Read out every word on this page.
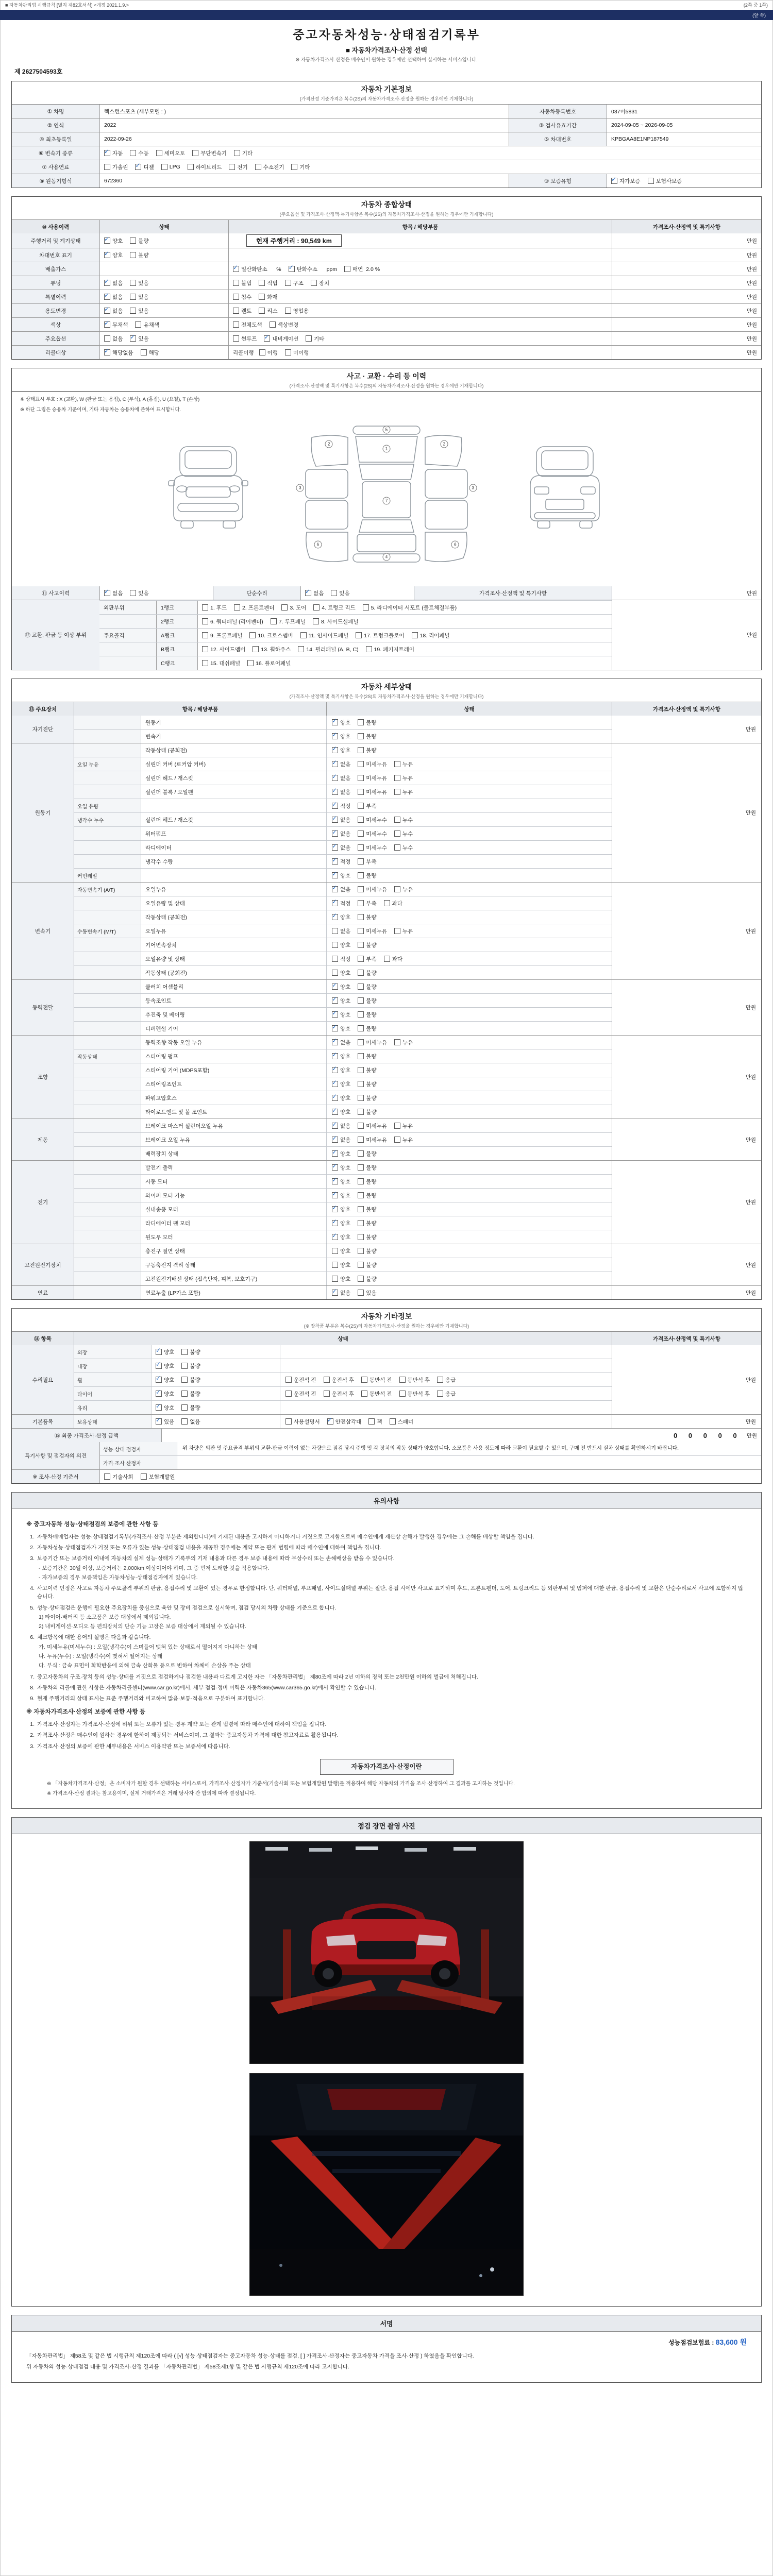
■ 자동차관리법 시행규칙 [별지 제82호서식] <개정 2021.1.9.>	(2쪽 중 1쪽)
(앞 쪽)
중고자동차성능·상태점검기록부
■ 자동차가격조사·산정 선택
※ 자동차가격조사·산정은 매수인이 원하는 경우에만 선택하여 실시하는 서비스입니다.
제 2627504593호
자동차 기본정보
(가격산정 기준가격은 복수(2S)의 자동차가격조사·산정을 원하는 경우에만 기재합니다)
① 차명	렉스턴스포츠 (세부모델 : )	자동차등록번호	037머5831
② 연식	2022	③ 검사유효기간	2024-09-05 ~ 2026-09-05
④ 최초등록일	2022-09-26	⑤ 차대번호	KPBGAA8E1NP187549
⑥ 변속기 종류 ✓	자동	수동	세미오토	무단변속기	기타
⑦ 사용연료	가솔린 ✓	디젤	LPG	하이브리드	전기	수소전기	기타
⑧ 원동기형식	672360	⑨ 보증유형 ✓	자가보증	보험사보증
자동차 종합상태
(주요옵션 및 가격조사·산정액·특기사항은 복수(2S)의 자동차가격조사·산정을 원하는 경우에만 기재합니다)
⑩ 사용이력	상태	항목 / 해당부품	가격조사·산정액 및 특기사항
주행거리 및 계기상태 ✓	양호	불량	현재 주행거리 : 90,549 km	만원
차대번호 표기 ✓	양호	불량	만원
배출가스 ✓	일산화탄소      % ✓	탄화수소      ppm	매연  2.0 %	만원
튜닝 ✓	없음	있음	불법	적법	구조	장치	만원
특별이력 ✓	없음	있음	침수	화재	만원
용도변경 ✓	없음	있음	렌트	리스	영업용	만원
색상 ✓	무채색	유채색	전체도색	색상변경	만원
주요옵션	없음 ✓	있음	썬루프 ✓	내비게이션	기타	만원
리콜대상 ✓	해당없음	해당	리콜이행 이행	미이행	만원
사고 · 교환 · 수리 등 이력
(가격조사·산정액 및 특기사항은 복수(2S)의 자동차가격조사·산정을 원하는 경우에만 기재합니다)
※ 상태표시 부호 : X (교환), W (판금 또는 용접), C (부식), A (흠집), U (요철), T (손상)
※ 하단 그림은 승용차 기준이며, 기타 자동차는 승용차에 준하여 표시합니다.
5
1
2	2
3	3
7
6	6
4
⑪ 사고이력 ✓	없음	있음	단순수리 ✓	없음	있음	가격조사·산정액 및 특기사항	만원
⑫ 교환, 판금 등 이상 부위
외판부위	1랭크	1. 후드	2. 프론트펜더	3. 도어	4. 트렁크 리드	5. 라디에이터 서포트 (볼트체결부품)
2랭크	6. 쿼터패널 (리어펜더)	7. 루프패널	8. 사이드실패널
주요골격	A랭크	9. 프론트패널	10. 크로스멤버	11. 인사이드패널	17. 트렁크플로어	18. 리어패널
B랭크	12. 사이드멤버	13. 휠하우스	14. 필러패널 (A, B, C)	19. 패키지트레이
C랭크	15. 대쉬패널	16. 플로어패널
만원
자동차 세부상태
(가격조사·산정액 및 특기사항은 복수(2S)의 자동차가격조사·산정을 원하는 경우에만 기재합니다)
⑬ 주요장치	항목 / 해당부품	상태	가격조사·산정액 및 특기사항
자기진단
원동기 ✓	양호	불량
변속기 ✓	양호	불량
만원
원동기
작동상태 (공회전) ✓	양호	불량
오일 누유	실린더 커버 (로커암 커버) ✓	없음	미세누유	누유
실린더 헤드 / 개스킷 ✓	없음	미세누유	누유
실린더 블록 / 오일팬 ✓	없음	미세누유	누유
오일 유량 ✓	적정	부족
냉각수 누수	실린더 헤드 / 개스킷 ✓	없음	미세누수	누수
워터펌프 ✓	없음	미세누수	누수
라디에이터 ✓	없음	미세누수	누수
냉각수 수량 ✓	적정	부족
커먼레일 ✓	양호	불량
만원
변속기
자동변속기 (A/T)	오일누유 ✓	없음	미세누유	누유
오일유량 및 상태 ✓	적정	부족	과다
작동상태 (공회전) ✓	양호	불량
수동변속기 (M/T)	오일누유	없음	미세누유	누유
기어변속장치	양호	불량
오일유량 및 상태	적정	부족	과다
작동상태 (공회전)	양호	불량
만원
동력전달
클러치 어셈블리 ✓	양호	불량
등속조인트 ✓	양호	불량
추진축 및 베어링 ✓	양호	불량
디퍼렌셜 기어 ✓	양호	불량
만원
조향
동력조향 작동 오일 누유 ✓	없음	미세누유	누유
작동상태	스티어링 펌프 ✓	양호	불량
스티어링 기어 (MDPS포함) ✓	양호	불량
스티어링조인트 ✓	양호	불량
파워고압호스 ✓	양호	불량
타이로드엔드 및 볼 조인트 ✓	양호	불량
만원
제동
브레이크 마스터 실린더오일 누유 ✓	없음	미세누유	누유
브레이크 오일 누유 ✓	없음	미세누유	누유
배력장치 상태 ✓	양호	불량
만원
전기
발전기 출력 ✓	양호	불량
시동 모터 ✓	양호	불량
와이퍼 모터 기능 ✓	양호	불량
실내송풍 모터 ✓	양호	불량
라디에이터 팬 모터 ✓	양호	불량
윈도우 모터 ✓	양호	불량
만원
고전원전기장치
충전구 절연 상태	양호	불량
구동축전지 격리 상태	양호	불량
고전원전기배선 상태 (접속단자, 피복, 보호기구)	양호	불량
만원
연료	연료누출 (LP가스 포함) ✓	없음	있음	만원
자동차 기타정보
(※ 장착품 부분은 복수(2S)의 자동차가격조사·산정을 원하는 경우에만 기재합니다)
⑭ 항목	상태	가격조사·산정액 및 특기사항
수리필요
외장 ✓	양호	불량
내장 ✓	양호	불량
휠 ✓	양호	불량	운전석 전	운전석 후	동반석 전	동반석 후	응급
타이어 ✓	양호	불량	운전석 전	운전석 후	동반석 전	동반석 후	응급
유리 ✓	양호	불량
만원
기본품목	보유상태 ✓	있음	없음	사용설명서 ✓	안전삼각대	잭	스패너	만원
⑮ 최종 가격조사·산정 금액	0 0 0 0 0 만원
특기사항 및 점검자의 의견
성능·상태 점검자	위 차량은 외판 및 주요골격 부위의 교환·판금 이력이 없는 차량으로 점검 당시 주행 및 각 장치의 작동 상태가 양호합니다. 소모품은 사용 정도에 따라 교환이 필요할 수 있으며, 구매 전 반드시 실차 상태를 확인하시기 바랍니다.
가격·조사 산정자
※ 조사·산정 기준서	기술사회	보험개발원
유의사항
※ 중고자동차 성능·상태점검의 보증에 관한 사항 등
1. 자동차매매업자는 성능·상태점검기록부(가격조사·산정 부분은 제외합니다)에 기재된 내용을 고지하지 아니하거나 거짓으로 고지함으로써 매수인에게 재산상 손해가 발생한 경우에는 그 손해를 배상할 책임을 집니다.
2. 자동차성능·상태점검자가 거짓 또는 오류가 있는 성능·상태점검 내용을 제공한 경우에는 계약 또는 관계 법령에 따라 매수인에 대하여 책임을 집니다.
3. 보증기간 또는 보증거리 이내에 자동차의 실제 성능·상태가 기록부의 기재 내용과 다른 경우 보증 내용에 따라 무상수리 또는 손해배상을 받을 수 있습니다.
- 보증기간은 30일 이상, 보증거리는 2,000km 이상이어야 하며, 그 중 먼저 도래한 것을 적용합니다.
- 자가보증의 경우 보증책임은 자동차성능·상태점검자에게 있습니다.
4. 사고이력 인정은 사고로 자동차 주요골격 부위의 판금, 용접수리 및 교환이 있는 경우로 한정합니다. 단, 쿼터패널, 루프패널, 사이드실패널 부위는 절단, 용접 시에만 사고로 표기하며 후드, 프론트펜더, 도어, 트렁크리드 등 외판부위 및 범퍼에 대한 판금, 용접수리 및 교환은 단순수리로서 사고에 포함하지 않습니다.
5. 성능·상태점검은 운행에 필요한 주요장치를 중심으로 육안 및 장비 점검으로 실시하며, 점검 당시의 차량 상태를 기준으로 합니다.
1) 타이어·배터리 등 소모품은 보증 대상에서 제외됩니다.
2) 내비게이션·오디오 등 편의장치의 단순 기능 고장은 보증 대상에서 제외될 수 있습니다.
6. 체크항목에 대한 용어의 설명은 다음과 같습니다.
가. 미세누유(미세누수) : 오일(냉각수)이 스며들어 맺혀 있는 상태로서 떨어지지 아니하는 상태
나. 누유(누수) : 오일(냉각수)이 맺혀서 떨어지는 상태
다. 부식 : 금속 표면이 화학반응에 의해 금속 산화물 등으로 변하여 차체에 손상을 주는 상태
7. 중고자동차의 구조·장치 등의 성능·상태를 거짓으로 점검하거나 점검한 내용과 다르게 고지한 자는 「자동차관리법」 제80조에 따라 2년 이하의 징역 또는 2천만원 이하의 벌금에 처해집니다.
8. 자동차의 리콜에 관한 사항은 자동차리콜센터(www.car.go.kr)에서, 세부 점검·정비 이력은 자동차365(www.car365.go.kr)에서 확인할 수 있습니다.
9. 현재 주행거리의 상태 표시는 표준 주행거리와 비교하여 많음·보통·적음으로 구분하여 표기합니다.
※ 자동차가격조사·산정의 보증에 관한 사항 등
1. 가격조사·산정자는 가격조사·산정에 허위 또는 오류가 있는 경우 계약 또는 관계 법령에 따라 매수인에 대하여 책임을 집니다.
2. 가격조사·산정은 매수인이 원하는 경우에 한하여 제공되는 서비스이며, 그 결과는 중고자동차 가격에 대한 참고자료로 활용됩니다.
3. 가격조사·산정의 보증에 관한 세부내용은 서비스 이용약관 또는 보증서에 따릅니다.
자동차가격조사·산정이란
※ 「자동차가격조사·산정」은 소비자가 원할 경우 선택하는 서비스로서, 가격조사·산정자가 기준서(기술사회 또는 보험개발원 발행)를 적용하여 해당 자동차의 가격을 조사·산정하여 그 결과를 고지하는 것입니다.
※ 가격조사·산정 결과는 참고용이며, 실제 거래가격은 거래 당사자 간 합의에 따라 결정됩니다.
점검 장면 촬영 사진
서명
성능점검보험료 : 83,600 원
「자동차관리법」 제58조 및 같은 법 시행규칙 제120조에 따라 ( [√] 성능·상태점검자는 중고자동차 성능·상태를 점검, [ ] 가격조사·산정자는 중고자동차 가격을 조사·산정 ) 하였음을 확인합니다.
위 자동차의 성능·상태점검 내용 및 가격조사·산정 결과를 「자동차관리법」 제58조제1항 및 같은 법 시행규칙 제120조에 따라 고지합니다.
